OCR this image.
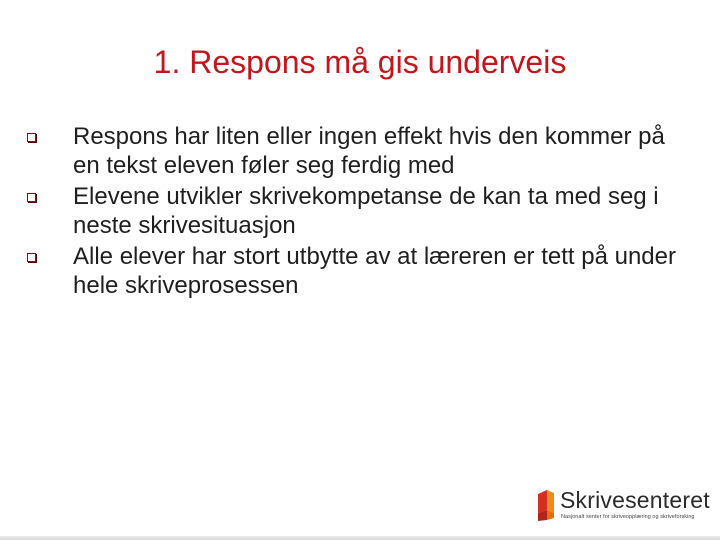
1. Respons må gis underveis
Respons har liten eller ingen effekt hvis den kommer på en tekst eleven føler seg ferdig med
Elevene utvikler skrivekompetanse de kan ta med seg i neste skrivesituasjon
Alle elever har stort utbytte av at læreren er tett på under hele skriveprosessen
Skrivesenteret
Nasjonalt senter for skriveopplæring og skriveforsking
